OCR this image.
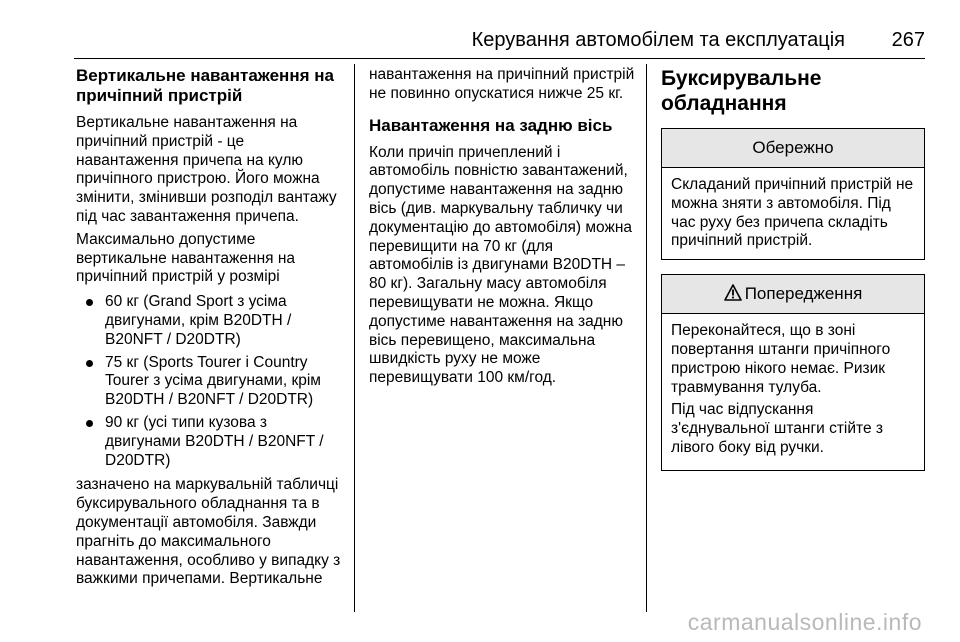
Керування автомобілем та експлуатація 267
Вертикальне навантаження на причіпний пристрій
Вертикальне навантаження на причіпний пристрій - це навантаження причепа на кулю причіпного пристрою. Його можна змінити, змінивши розподіл вантажу під час завантаження причепа.
Максимально допустиме вертикальне навантаження на причіпний пристрій у розмірі
60 кг (Grand Sport з усіма двигунами, крім B20DTH / B20NFT / D20DTR)
75 кг (Sports Tourer і Country Tourer з усіма двигунами, крім B20DTH / B20NFT / D20DTR)
90 кг (усі типи кузова з двигунами B20DTH / B20NFT / D20DTR)
зазначено на маркувальній табличці буксирувального обладнання та в документації автомобіля. Завжди прагніть до максимального навантаження, особливо у випадку з важкими причепами. Вертикальне
навантаження на причіпний пристрій не повинно опускатися нижче 25 кг.
Навантаження на задню вісь
Коли причіп причеплений і автомобіль повністю завантажений, допустиме навантаження на задню вісь (див. маркувальну табличку чи документацію до автомобіля) можна перевищити на 70 кг (для автомобілів із двигунами B20DTH – 80 кг). Загальну масу автомобіля перевищувати не можна. Якщо допустиме навантаження на задню вісь перевищено, максимальна швидкість руху не може перевищувати 100 км/год.
Буксирувальне обладнання
Обережно
Складаний причіпний пристрій не можна зняти з автомобіля. Під час руху без причепа складіть причіпний пристрій.
Попередження
Переконайтеся, що в зоні повертання штанги причіпного пристрою нікого немає. Ризик травмування тулуба.
Під час відпускання з'єднувальної штанги стійте з лівого боку від ручки.
carmanualsonline.info
